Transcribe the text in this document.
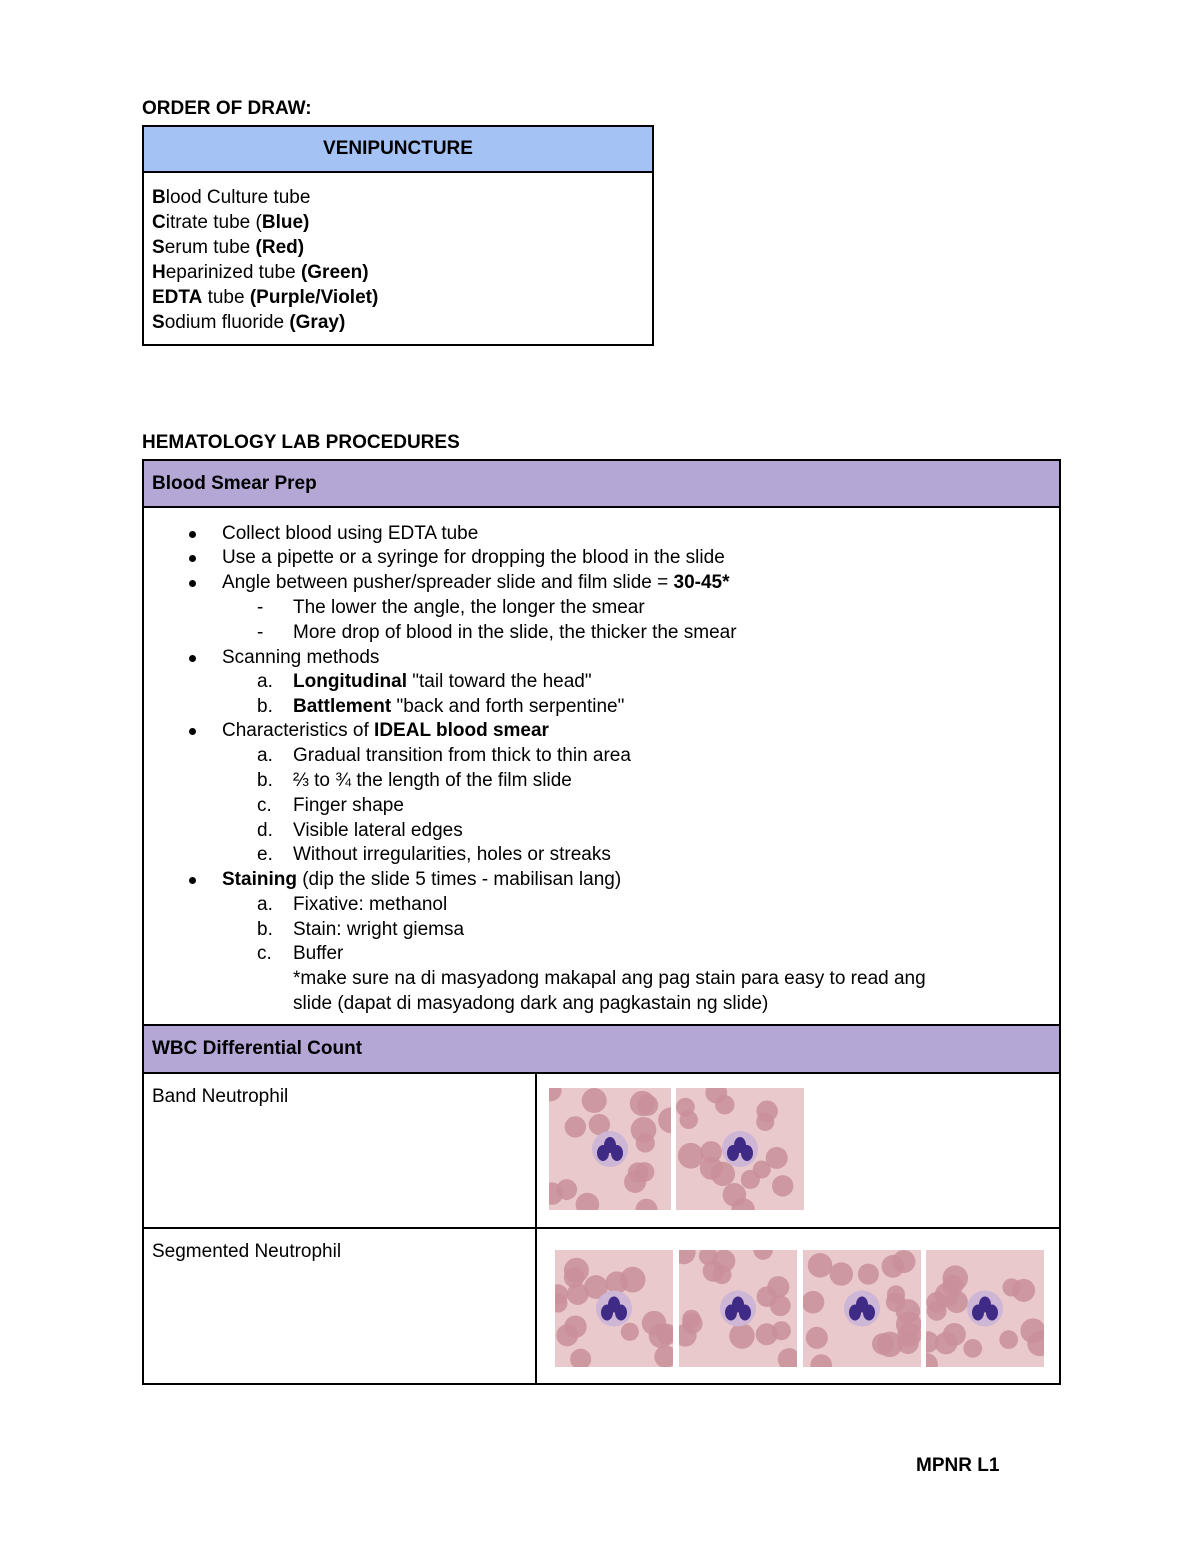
ORDER OF DRAW:
VENIPUNCTURE
Blood Culture tube
Citrate tube (Blue)
Serum tube (Red)
Heparinized tube (Green)
EDTA tube (Purple/Violet)
Sodium fluoride (Gray)
HEMATOLOGY LAB PROCEDURES
Blood Smear Prep
Collect blood using EDTA tube
Use a pipette or a syringe for dropping the blood in the slide
Angle between pusher/spreader slide and film slide = 30-45*
- The lower the angle, the longer the smear
- More drop of blood in the slide, the thicker the smear
Scanning methods
a. Longitudinal "tail toward the head"
b. Battlement "back and forth serpentine"
Characteristics of IDEAL blood smear
a. Gradual transition from thick to thin area
b. ⅔ to ¾ the length of the film slide
c. Finger shape
d. Visible lateral edges
e. Without irregularities, holes or streaks
Staining (dip the slide 5 times - mabilisan lang)
a. Fixative: methanol
b. Stain: wright giemsa
c. Buffer
*make sure na di masyadong makapal ang pag stain para easy to read ang
slide (dapat di masyadong dark ang pagkastain ng slide)
WBC Differential Count
Band Neutrophil
Segmented Neutrophil
MPNR L1
